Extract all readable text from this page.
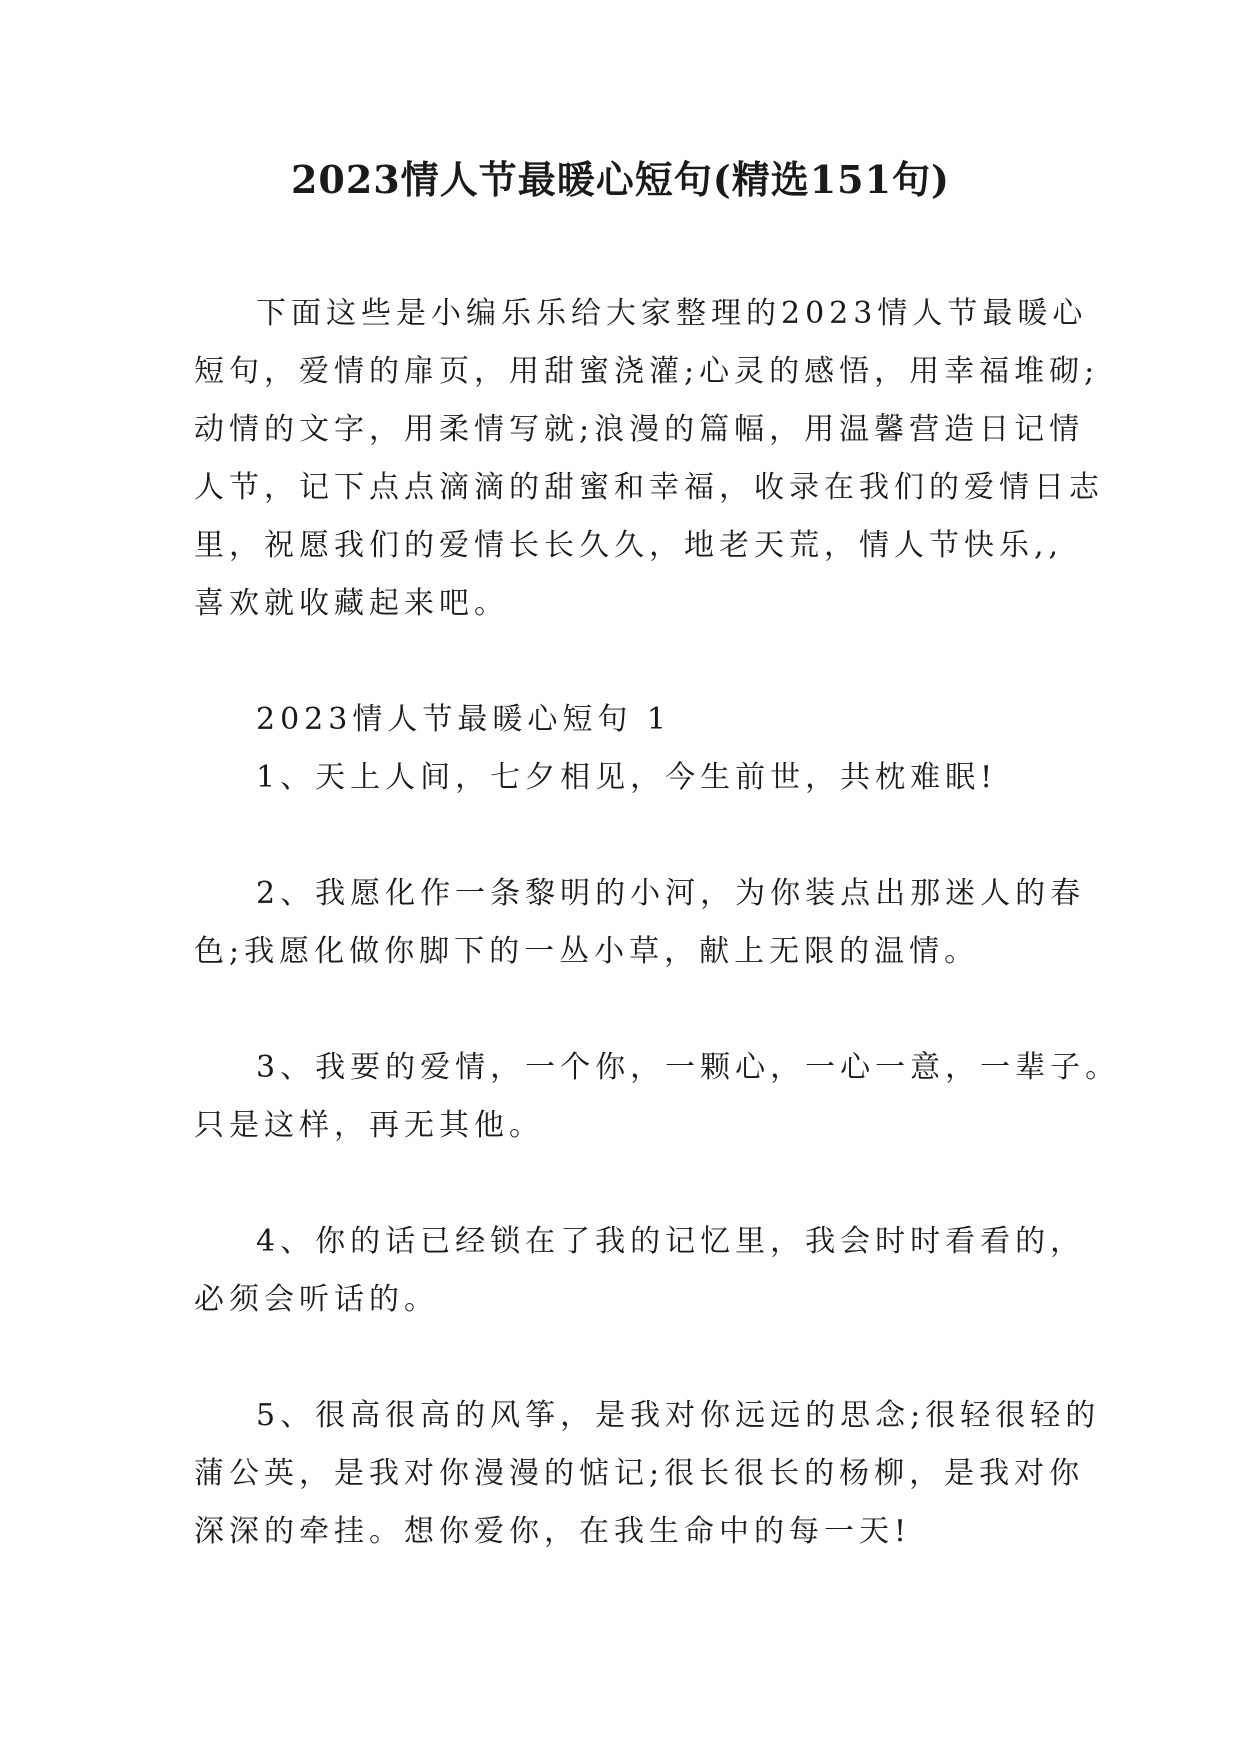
2023情人节最暖心短句(精选151句)
下面这些是小编乐乐给大家整理的2023情人节最暖心
短句，爱情的扉页，用甜蜜浇灌;心灵的感悟，用幸福堆砌;
动情的文字，用柔情写就;浪漫的篇幅，用温馨营造日记情
人节，记下点点滴滴的甜蜜和幸福，收录在我们的爱情日志
里，祝愿我们的爱情长长久久，地老天荒，情人节快乐,,
喜欢就收藏起来吧。
2023情人节最暖心短句 1
1、天上人间，七夕相见，今生前世，共枕难眠!
2、我愿化作一条黎明的小河，为你装点出那迷人的春
色;我愿化做你脚下的一丛小草，献上无限的温情。
3、我要的爱情，一个你，一颗心，一心一意，一辈子。
只是这样，再无其他。
4、你的话已经锁在了我的记忆里，我会时时看看的，
必须会听话的。
5、很高很高的风筝，是我对你远远的思念;很轻很轻的
蒲公英，是我对你漫漫的惦记;很长很长的杨柳，是我对你
深深的牵挂。想你爱你，在我生命中的每一天!
